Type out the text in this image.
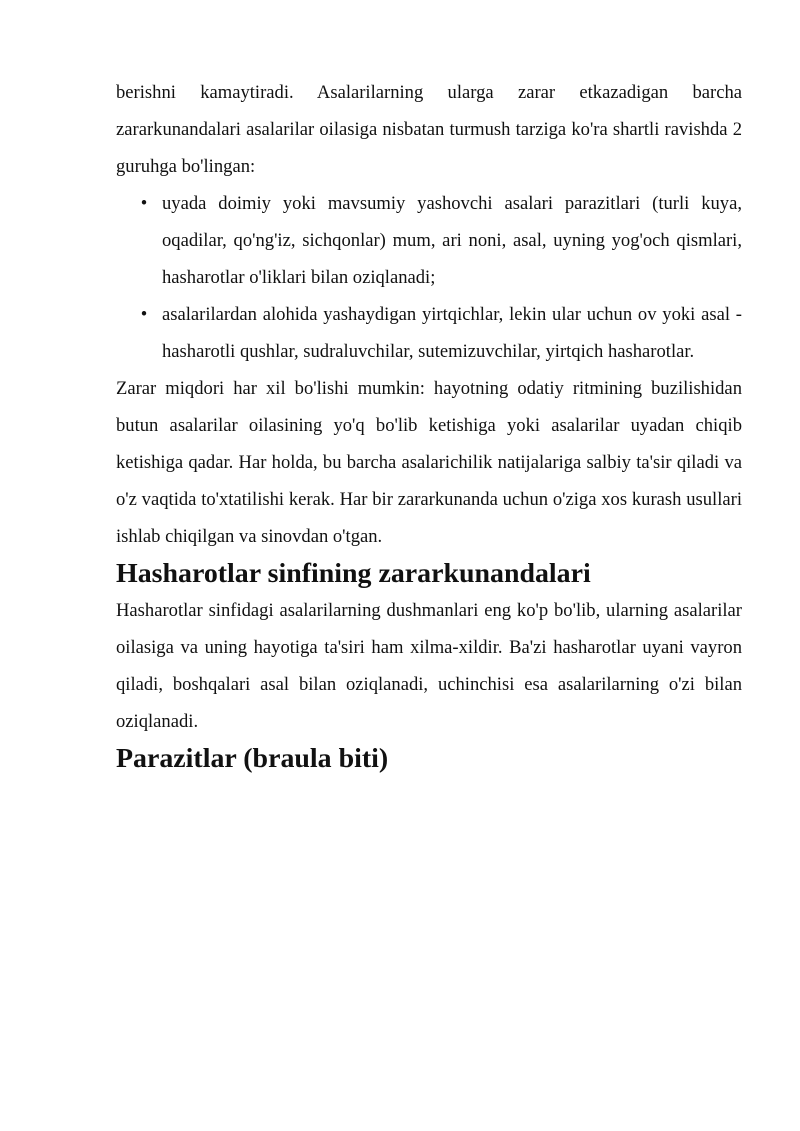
berishni kamaytiradi. Asalarilarning ularga zarar etkazadigan barcha zararkunandalari asalarilar oilasiga nisbatan turmush tarziga ko'ra shartli ravishda 2 guruhga bo'lingan:

• uyada doimiy yoki mavsumiy yashovchi asalari parazitlari (turli kuya, oqadilar, qo'ng'iz, sichqonlar) mum, ari noni, asal, uyning yog'och qismlari, hasharotlar o'liklari bilan oziqlanadi;
• asalarilardan alohida yashaydigan yirtqichlar, lekin ular uchun ov yoki asal - hasharotli qushlar, sudraluvchilar, sutemizuvchilar, yirtqich hasharotlar.

Zarar miqdori har xil bo'lishi mumkin: hayotning odatiy ritmining buzilishidan butun asalarilar oilasining yo'q bo'lib ketishiga yoki asalarilar uyadan chiqib ketishiga qadar. Har holda, bu barcha asalarichilik natijalariga salbiy ta'sir qiladi va o'z vaqtida to'xtatilishi kerak. Har bir zararkunanda uchun o'ziga xos kurash usullari ishlab chiqilgan va sinovdan o'tgan.

Hasharotlar sinfining zararkunandalari

Hasharotlar sinfidagi asalarilarning dushmanlari eng ko'p bo'lib, ularning asalarilar oilasiga va uning hayotiga ta'siri ham xilma-xildir. Ba'zi hasharotlar uyani vayron qiladi, boshqalari asal bilan oziqlanadi, uchinchisi esa asalarilarning o'zi bilan oziqlanadi.

Parazitlar (braula biti)
